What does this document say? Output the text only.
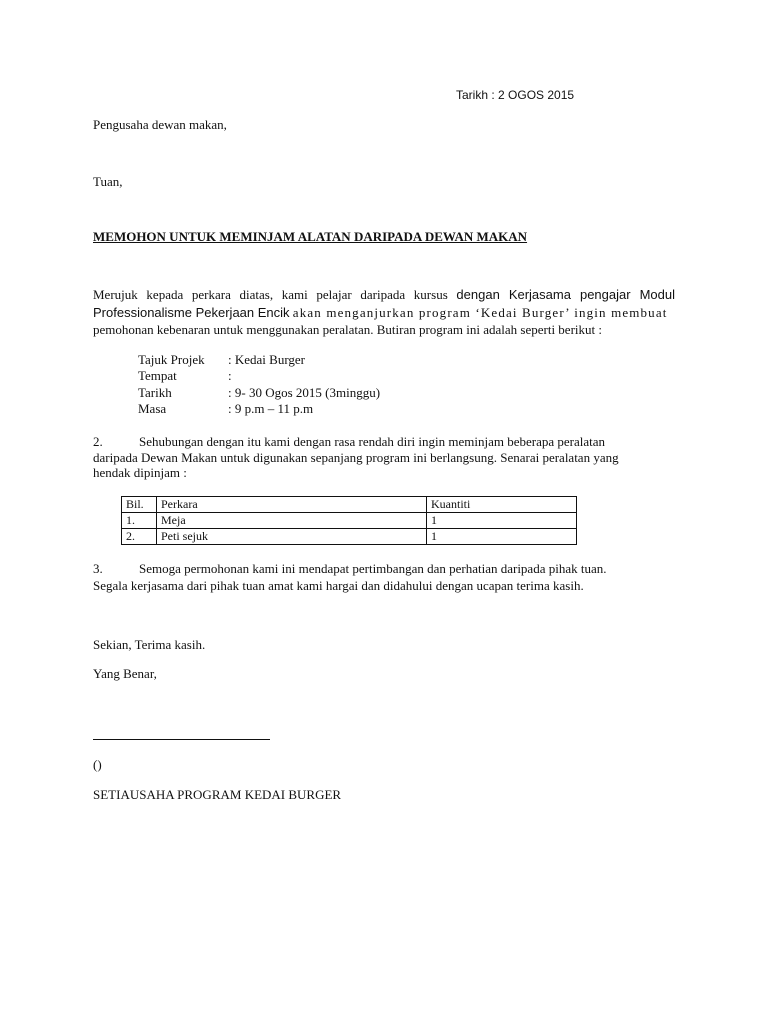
Tarikh : 2 OGOS 2015
Pengusaha dewan makan,
Tuan,
MEMOHON UNTUK MEMINJAM ALATAN DARIPADA DEWAN MAKAN
Merujuk kepada perkara diatas, kami pelajar daripada kursus dengan Kerjasama pengajar Modul
Professionalisme Pekerjaan Encik akan menganjurkan program ‘Kedai Burger’ ingin membuat
pemohonan kebenaran untuk menggunakan peralatan. Butiran program ini adalah seperti berikut :
Tajuk Projek	: Kedai Burger
Tempat	:
Tarikh	: 9- 30 Ogos 2015 (3minggu)
Masa	: 9 p.m – 11 p.m
2.	Sehubungan dengan itu kami dengan rasa rendah diri ingin meminjam beberapa peralatan
daripada Dewan Makan untuk digunakan sepanjang program ini berlangsung. Senarai peralatan yang
hendak dipinjam :
Bil.	Perkara	Kuantiti
1.	Meja	1
2.	Peti sejuk	1
3.	Semoga permohonan kami ini mendapat pertimbangan dan perhatian daripada pihak tuan.
Segala kerjasama dari pihak tuan amat kami hargai dan didahului dengan ucapan terima kasih.
Sekian, Terima kasih.
Yang Benar,
()
SETIAUSAHA PROGRAM KEDAI BURGER
